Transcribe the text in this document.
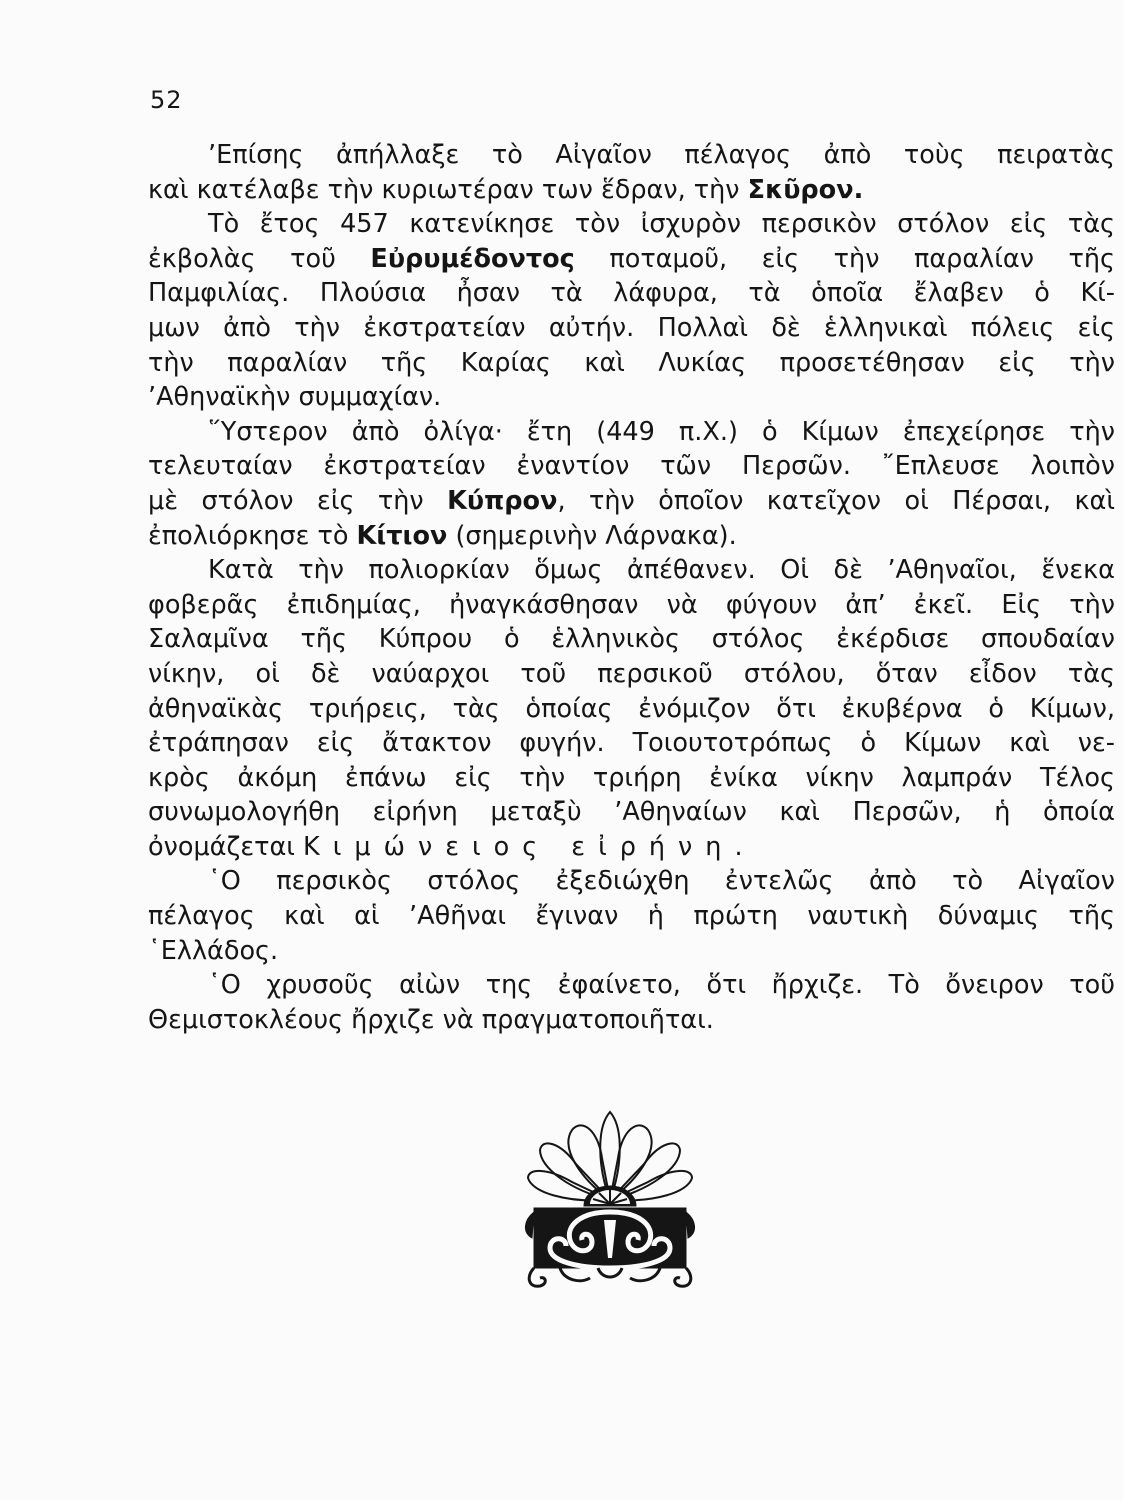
52

’Επίσης ἀπήλλαξε τὸ Αἰγαῖον πέλαγος ἀπὸ τοὺς πειρατὰς
καὶ κατέλαβε τὴν κυριωτέραν των ἕδραν, τὴν Σκῦρον.

Τὸ ἔτος 457 κατενίκησε τὸν ἰσχυρὸν περσικὸν στόλον εἰς τὰς
ἐκβολὰς τοῦ Εὐρυμέδοντος ποταμοῦ, εἰς τὴν παραλίαν τῆς
Παμφιλίας. Πλούσια ἦσαν τὰ λάφυρα, τὰ ὁποῖα ἔλαβεν ὁ Κί-
μων ἀπὸ τὴν ἐκστρατείαν αὐτήν. Πολλαὶ δὲ ἑλληνικαὶ πόλεις εἰς
τὴν παραλίαν τῆς Καρίας καὶ Λυκίας προσετέθησαν εἰς τὴν
’Αθηναϊκὴν συμμαχίαν.

῞Υστερον ἀπὸ ὀλίγα· ἔτη (449 π.Χ.) ὁ Κίμων ἐπεχείρησε τὴν
τελευταίαν ἐκστρατείαν ἐναντίον τῶν Περσῶν. ῎Επλευσε λοιπὸν
μὲ στόλον εἰς τὴν Κύπρον, τὴν ὁποῖον κατεῖχον οἱ Πέρσαι, καὶ
ἐπολιόρκησε τὸ Κίτιον (σημερινὴν Λάρνακα).

Κατὰ τὴν πολιορκίαν ὅμως ἀπέθανεν. Οἱ δὲ ’Αθηναῖοι, ἕνεκα
φοβερᾶς ἐπιδημίας, ἠναγκάσθησαν νὰ φύγουν ἀπ’ ἐκεῖ. Εἰς τὴν
Σαλαμῖνα τῆς Κύπρου ὁ ἑλληνικὸς στόλος ἐκέρδισε σπουδαίαν
νίκην, οἱ δὲ ναύαρχοι τοῦ περσικοῦ στόλου, ὅταν εἶδον τὰς
ἀθηναϊκὰς τριήρεις, τὰς ὁποίας ἐνόμιζον ὅτι ἐκυβέρνα ὁ Κίμων,
ἐτράπησαν εἰς ἄτακτον φυγήν. Τοιουτοτρόπως ὁ Κίμων καὶ νε-
κρὸς ἀκόμη ἐπάνω εἰς τὴν τριήρη ἐνίκα νίκην λαμπράν Τέλος
συνωμολογήθη εἰρήνη μεταξὺ ’Αθηναίων καὶ Περσῶν, ἡ ὁποία
ὀνομάζεται Κιμώνειος εἰρήνη.

῾Ο περσικὸς στόλος ἐξεδιώχθη ἐντελῶς ἀπὸ τὸ Αἰγαῖον
πέλαγος καὶ αἱ ’Αθῆναι ἔγιναν ἡ πρώτη ναυτικὴ δύναμις τῆς
῾Ελλάδος.

῾Ο χρυσοῦς αἰὼν της ἐφαίνετο, ὅτι ἤρχιζε. Τὸ ὄνειρον τοῦ
Θεμιστοκλέους ἤρχιζε νὰ πραγματοποιῆται.
